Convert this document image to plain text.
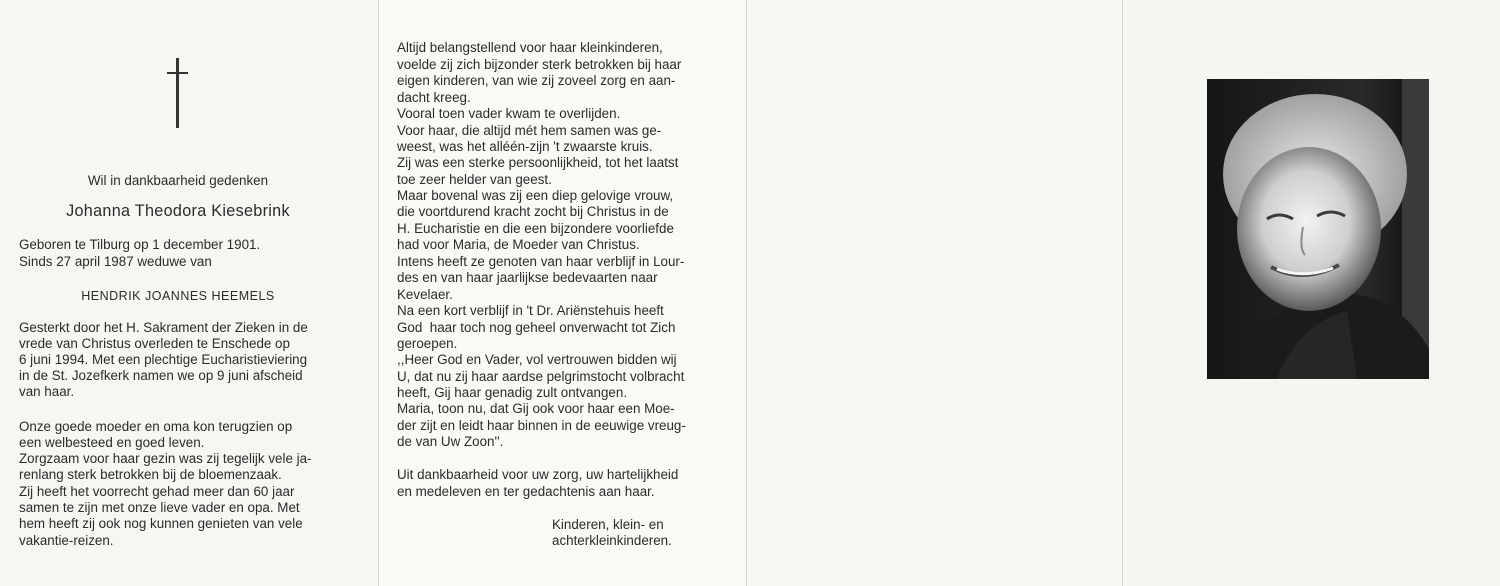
Wil in dankbaarheid gedenken
Johanna Theodora Kiesebrink
Geboren te Tilburg op 1 december 1901.
Sinds 27 april 1987 weduwe van
HENDRIK JOANNES HEEMELS
Gesterkt door het H. Sakrament der Zieken in de
vrede van Christus overleden te Enschede op
6 juni 1994. Met een plechtige Eucharistieviering
in de St. Jozefkerk namen we op 9 juni afscheid
van haar.
Onze goede moeder en oma kon terugzien op
een welbesteed en goed leven.
Zorgzaam voor haar gezin was zij tegelijk vele ja-
renlang sterk betrokken bij de bloemenzaak.
Zij heeft het voorrecht gehad meer dan 60 jaar
samen te zijn met onze lieve vader en opa. Met
hem heeft zij ook nog kunnen genieten van vele
vakantie-reizen.
Altijd belangstellend voor haar kleinkinderen,
voelde zij zich bijzonder sterk betrokken bij haar
eigen kinderen, van wie zij zoveel zorg en aan-
dacht kreeg.
Vooral toen vader kwam te overlijden.
Voor haar, die altijd mét hem samen was ge-
weest, was het alléén-zijn 't zwaarste kruis.
Zij was een sterke persoonlijkheid, tot het laatst
toe zeer helder van geest.
Maar bovenal was zij een diep gelovige vrouw,
die voortdurend kracht zocht bij Christus in de
H. Eucharistie en die een bijzondere voorliefde
had voor Maria, de Moeder van Christus.
Intens heeft ze genoten van haar verblijf in Lour-
des en van haar jaarlijkse bedevaarten naar
Kevelaer.
Na een kort verblijf in 't Dr. Ariënstehuis heeft
God  haar toch nog geheel onverwacht tot Zich
geroepen.
,,Heer God en Vader, vol vertrouwen bidden wij
U, dat nu zij haar aardse pelgrimstocht volbracht
heeft, Gij haar genadig zult ontvangen.
Maria, toon nu, dat Gij ook voor haar een Moe-
der zijt en leidt haar binnen in de eeuwige vreug-
de van Uw Zoon''.
Uit dankbaarheid voor uw zorg, uw hartelijkheid
en medeleven en ter gedachtenis aan haar.
Kinderen, klein- en
achterkleinkinderen.
